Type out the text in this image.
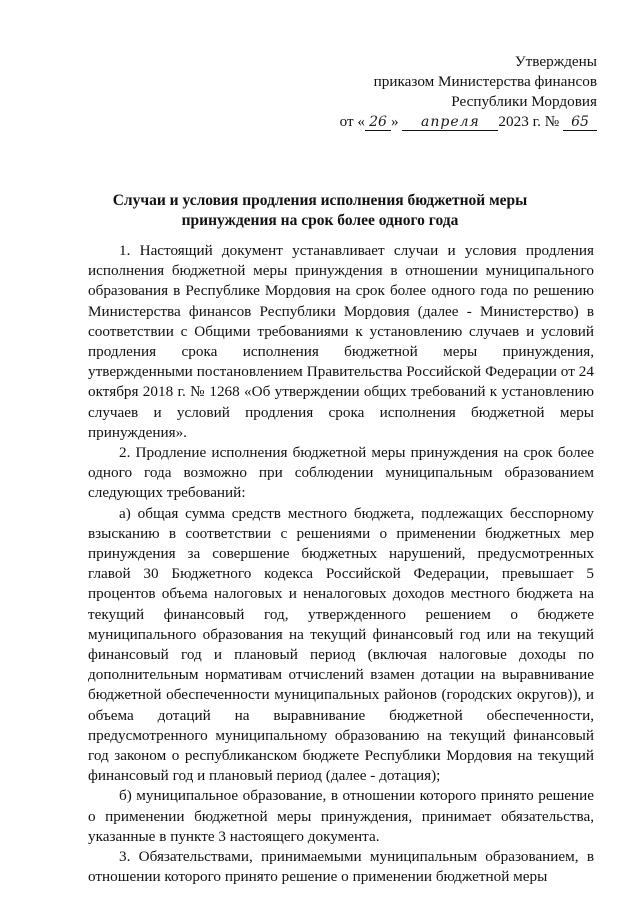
Утверждены
приказом Министерства финансов
Республики Мордовия
от « 26 » апреля 2023 г. № 65
Случаи и условия продления исполнения бюджетной меры
принуждения на срок более одного года

1. Настоящий документ устанавливает случаи и условия продления исполнения бюджетной меры принуждения в отношении муниципального образования в Республике Мордовия на срок более одного года по решению Министерства финансов Республики Мордовия (далее - Министерство) в соответствии с Общими требованиями к установлению случаев и условий продления срока исполнения бюджетной меры принуждения, утвержденными постановлением Правительства Российской Федерации от 24 октября 2018 г. № 1268 «Об утверждении общих требований к установлению случаев и условий продления срока исполнения бюджетной меры принуждения».

2. Продление исполнения бюджетной меры принуждения на срок более одного года возможно при соблюдении муниципальным образованием следующих требований:

а) общая сумма средств местного бюджета, подлежащих бесспорному взысканию в соответствии с решениями о применении бюджетных мер принуждения за совершение бюджетных нарушений, предусмотренных главой 30 Бюджетного кодекса Российской Федерации, превышает 5 процентов объема налоговых и неналоговых доходов местного бюджета на текущий финансовый год, утвержденного решением о бюджете муниципального образования на текущий финансовый год или на текущий финансовый год и плановый период (включая налоговые доходы по дополнительным нормативам отчислений взамен дотации на выравнивание бюджетной обеспеченности муниципальных районов (городских округов)), и объема дотаций на выравнивание бюджетной обеспеченности, предусмотренного муниципальному образованию на текущий финансовый год законом о республиканском бюджете Республики Мордовия на текущий финансовый год и плановый период (далее - дотация);

б) муниципальное образование, в отношении которого принято решение о применении бюджетной меры принуждения, принимает обязательства, указанные в пункте 3 настоящего документа.

3. Обязательствами, принимаемыми муниципальным образованием, в отношении которого принято решение о применении бюджетной меры
